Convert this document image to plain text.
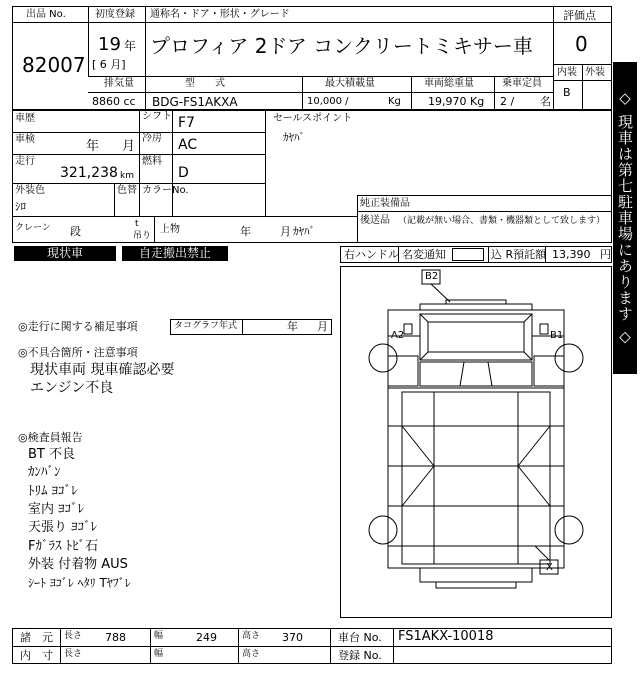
出品 No.
82007
初度登録
19 年
[ 6 月]
通称名・ドア・形状・グレード
プロフィア 2ドア コンクリートミキサー車
評価点
0
内装 外装
B
排気量
8860 cc
型　　式
BDG-FS1AKXA
最大積載量
10,000 /	Kg
車両総重量
19,970 Kg
乗車定員
2 / 名
車歴	シフト F7	セールスポイント
ｶﾔﾊﾞ
車検	年 月
冷房 AC
走行
321,238 km
燃料
D
外装色
ｼﾛ
色替 カラーNo.
純正装備品
後送品 （記載が無い場合、書類・機器類として致します）
クレーン 段
t
吊り
上物	年	月 ｶﾔﾊﾞ
現状車	自走搬出禁止	右ハンドル 名変通知	込 R預託額 13,390 円
◎走行に関する補足事項	タコグラフ年式	年 月
◎不具合箇所・注意事項
現状車両 現車確認必要
エンジン不良
◎検査員報告
BT 不良
ｶﾝﾊﾞﾝ
ﾄﾘﾑ ﾖｺﾞﾚ
室内 ﾖｺﾞﾚ
天張り ﾖｺﾞﾚ
Fｶﾞﾗｽ ﾄﾋﾞ石
外装 付着物 AUS
ｼｰﾄ ﾖｺﾞﾚ ﾍﾀﾘ Tﾔﾌﾞﾚ
B2
A2	B1
X
◇ 現車は第七駐車場にあります ◇
諸　元 長さ 788	幅	249	高さ 370	車台 No. FS1AKX-10018
内　寸 長さ	幅	高さ	登録 No.
